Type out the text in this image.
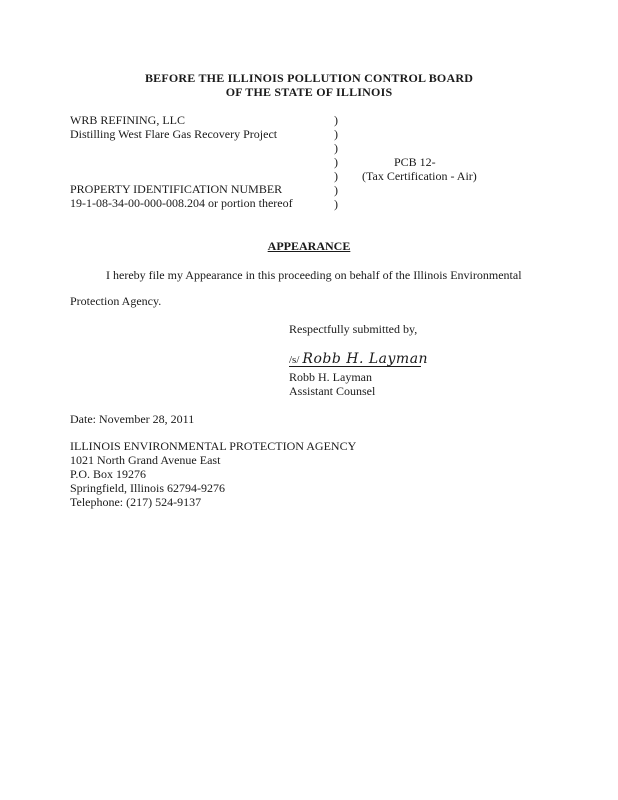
BEFORE THE ILLINOIS POLLUTION CONTROL BOARD
OF THE STATE OF ILLINOIS
WRB REFINING, LLC
Distilling West Flare Gas Recovery Project
PROPERTY IDENTIFICATION NUMBER
19-1-08-34-00-000-008.204 or portion thereof
)
)
)
)
)
)
)
PCB 12-
(Tax Certification - Air)
APPEARANCE
I hereby file my Appearance in this proceeding on behalf of the Illinois Environmental
Protection Agency.
Respectfully submitted by,
/s/ Robb H. Layman
Robb H. Layman
Assistant Counsel
Date: November 28, 2011
ILLINOIS ENVIRONMENTAL PROTECTION AGENCY
1021 North Grand Avenue East
P.O. Box 19276
Springfield, Illinois 62794-9276
Telephone: (217) 524-9137
